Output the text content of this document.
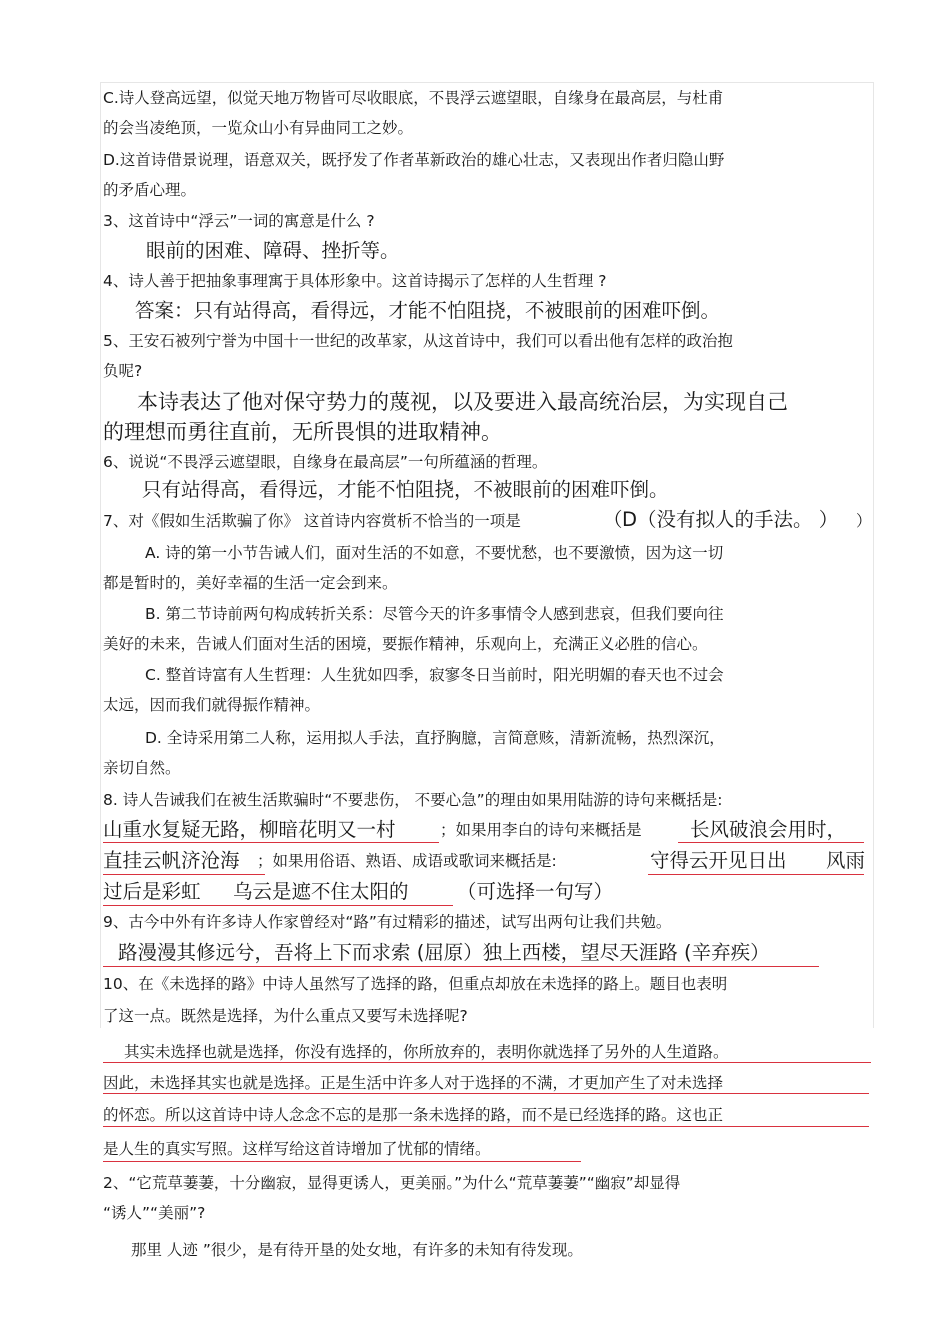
C.诗人登高远望，似觉天地万物皆可尽收眼底，不畏浮云遮望眼，自缘身在最高层，与杜甫
的会当凌绝顶，一览众山小有异曲同工之妙。
D.这首诗借景说理，语意双关，既抒发了作者革新政治的雄心壮志，又表现出作者归隐山野
的矛盾心理。
3、这首诗中“浮云”一词的寓意是什么 ?
眼前的困难、障碍、挫折等。
4、诗人善于把抽象事理寓于具体形象中。这首诗揭示了怎样的人生哲理 ?
答案：只有站得高，看得远，才能不怕阻挠，不被眼前的困难吓倒。
5、王安石被列宁誉为中国十一世纪的改革家，从这首诗中，我们可以看出他有怎样的政治抱
负呢?
本诗表达了他对保守势力的蔑视，以及要进入最高统治层，为实现自己
的理想而勇往直前，无所畏惧的进取精神。
6、说说“不畏浮云遮望眼，自缘身在最高层”一句所蕴涵的哲理。
只有站得高，看得远，才能不怕阻挠，不被眼前的困难吓倒。
7、对《假如生活欺骗了你》 这首诗内容赏析不恰当的一项是	（ D（没有拟人的手法。 ） ）
A. 诗的第一小节告诫人们，面对生活的不如意，不要忧愁，也不要激愤，因为这一切
都是暂时的，美好幸福的生活一定会到来。
B. 第二节诗前两句构成转折关系：尽管今天的许多事情令人感到悲哀，但我们要向往
美好的未来，告诫人们面对生活的困境，要振作精神，乐观向上，充满正义必胜的信心。
C. 整首诗富有人生哲理：人生犹如四季，寂寥冬日当前时，阳光明媚的春天也不过会
太远，因而我们就得振作精神。
D. 全诗采用第二人称，运用拟人手法，直抒胸臆，言简意赅，清新流畅，热烈深沉，
亲切自然。
8. 诗人告诫我们在被生活欺骗时“不要悲伤， 不要心急”的理由如果用陆游的诗句来概括是:
山重水复疑无路，柳暗花明又一村	；如果用李白的诗句来概括是 长风破浪会用时，
直挂云帆济沧海 ；如果用俗语、熟语、成语或歌词来概括是:	守得云开见日出 风雨
过后是彩虹 乌云是遮不住太阳的 （可选择一句写）
9、古今中外有许多诗人作家曾经对“路”有过精彩的描述，试写出两句让我们共勉。
路漫漫其修远兮，吾将上下而求索 (屈原）独上西楼，望尽天涯路 (辛弃疾）
10、在《未选择的路》中诗人虽然写了选择的路，但重点却放在未选择的路上。题目也表明
了这一点。既然是选择，为什么重点又要写未选择呢?
其实未选择也就是选择，你没有选择的，你所放弃的，表明你就选择了另外的人生道路。
因此，未选择其实也就是选择。正是生活中许多人对于选择的不满，才更加产生了对未选择
的怀恋。所以这首诗中诗人念念不忘的是那一条未选择的路，而不是已经选择的路。这也正
是人生的真实写照。这样写给这首诗增加了忧郁的情绪。
2、“它荒草萋萋，十分幽寂，显得更诱人，更美丽。”为什么“荒草萋萋”“幽寂”却显得
“诱人”“美丽”?
那里 人迹 ”很少，是有待开垦的处女地，有许多的未知有待发现。
